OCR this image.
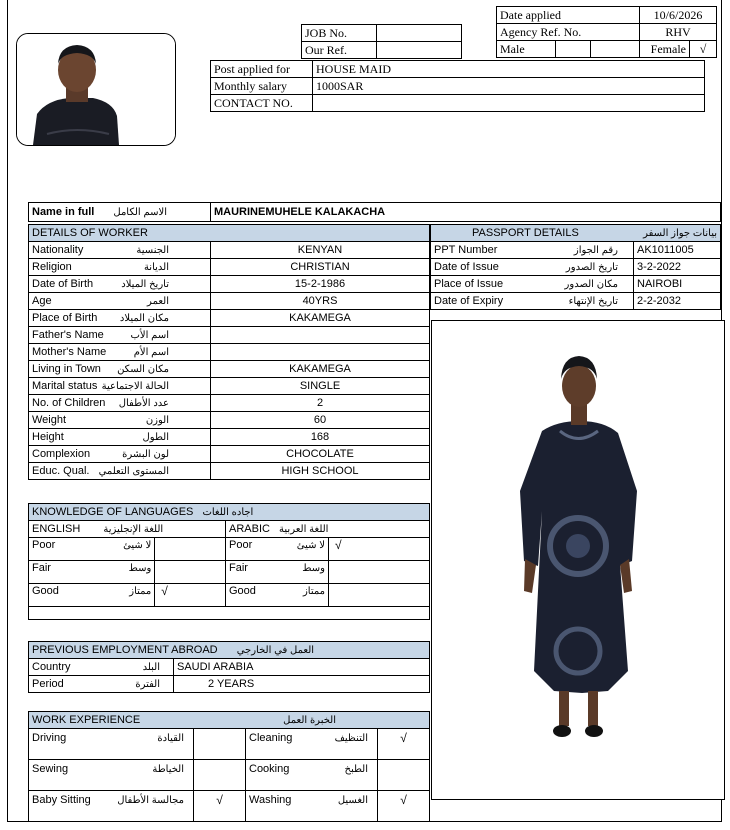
JOB No.	
Our Ref.	
Date applied			10/6/2026	
Agency Ref. No.			RHV	
Male			Female	√
Post applied for	HOUSE MAID
Monthly salary	1000SAR
CONTACT NO.	
Name in full الاسم الكامل	MAURINEMUHELE KALAKACHA
DETAILS OF WORKER	

Nationality الجنسية	KENYAN

Religion الديانة	CHRISTIAN

Date of Birth تاريخ الميلاد	15-2-1986

Age العمر	40YRS

Place of Birth مكان الميلاد	KAKAMEGA

Father's Name اسم الأب	

Mother's Name اسم الأم	

Living in Town مكان السكن	KAKAMEGA

Marital status الحالة الاجتماعية	SINGLE

No. of Children عدد الأطفال	2

Weight الوزن	60

Height الطول	168

Complexion لون البشرة	CHOCOLATE

Educ. Qual. المستوى التعلمي	HIGH SCHOOL
PASSPORT DETAILS بيانات جواز السفر	

PPT Number رقم الجواز	AK1011005

Date of Issue تاريخ الصدور	3-2-2022

Place of Issue مكان الصدور	NAIROBI

Date of Expiry تاريخ الإنتهاء	2-2-2032
KNOWLEDGE OF LANGUAGES اجاده اللغات			
ENGLISH اللغة الإنجليزية		ARABIC اللغة العربية	

Poor لا شيئ		Poor لا شيئ	√

Fair وسط		Fair وسط	

Good ممتاز	√	Good ممتاز	

PREVIOUS EMPLOYMENT ABROAD العمل في الخارجي	

Country البلد	SAUDI ARABIA

Period الفترة	2 YEARS
WORK EXPERIENCE الخبرة العمل			

Driving القيادة		Cleaning التنظيف	√

Sewing الخياطة		Cooking الطبخ	

Baby Sitting مجالسة الأطفال	√	Washing الغسيل	√
